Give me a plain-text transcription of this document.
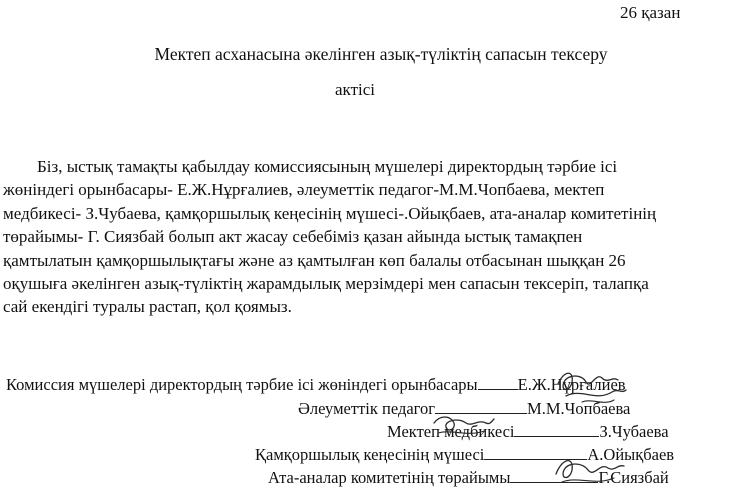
26 қазан
Мектеп асханасына әкелінген азық-түліктің сапасын тексеру
актісі
Біз, ыстық тамақты қабылдау комиссиясының мүшелері директордың тәрбие ісі
жөніндегі орынбасары- Е.Ж.Нұрғалиев, әлеуметтік педагог-М.М.Чопбаева, мектеп
медбикесі- З.Чубаева, қамқоршылық кеңесінің мүшесі-.Ойықбаев, ата-аналар комитетінің
төрайымы- Г. Сиязбай болып акт жасау себебіміз қазан айында ыстық тамақпен
қамтылатын қамқоршылықтағы және аз қамтылған көп балалы отбасынан шыққан 26
оқушыға әкелінген азық-түліктің жарамдылық мерзімдері мен сапасын тексеріп, талапқа
сай екендігі туралы растап, қол қоямыз.
Комиссия мүшелері директордың тәрбие ісі жөніндегі орынбасары Е.Ж.Нұрғалиев
Әлеуметтік педагог	М.М.Чопбаева
Мектеп медбикесі	З.Чубаева
Қамқоршылық кеңесінің мүшесі	А.Ойықбаев
Ата-аналар комитетінің төрайымы	Г.Сиязбай
